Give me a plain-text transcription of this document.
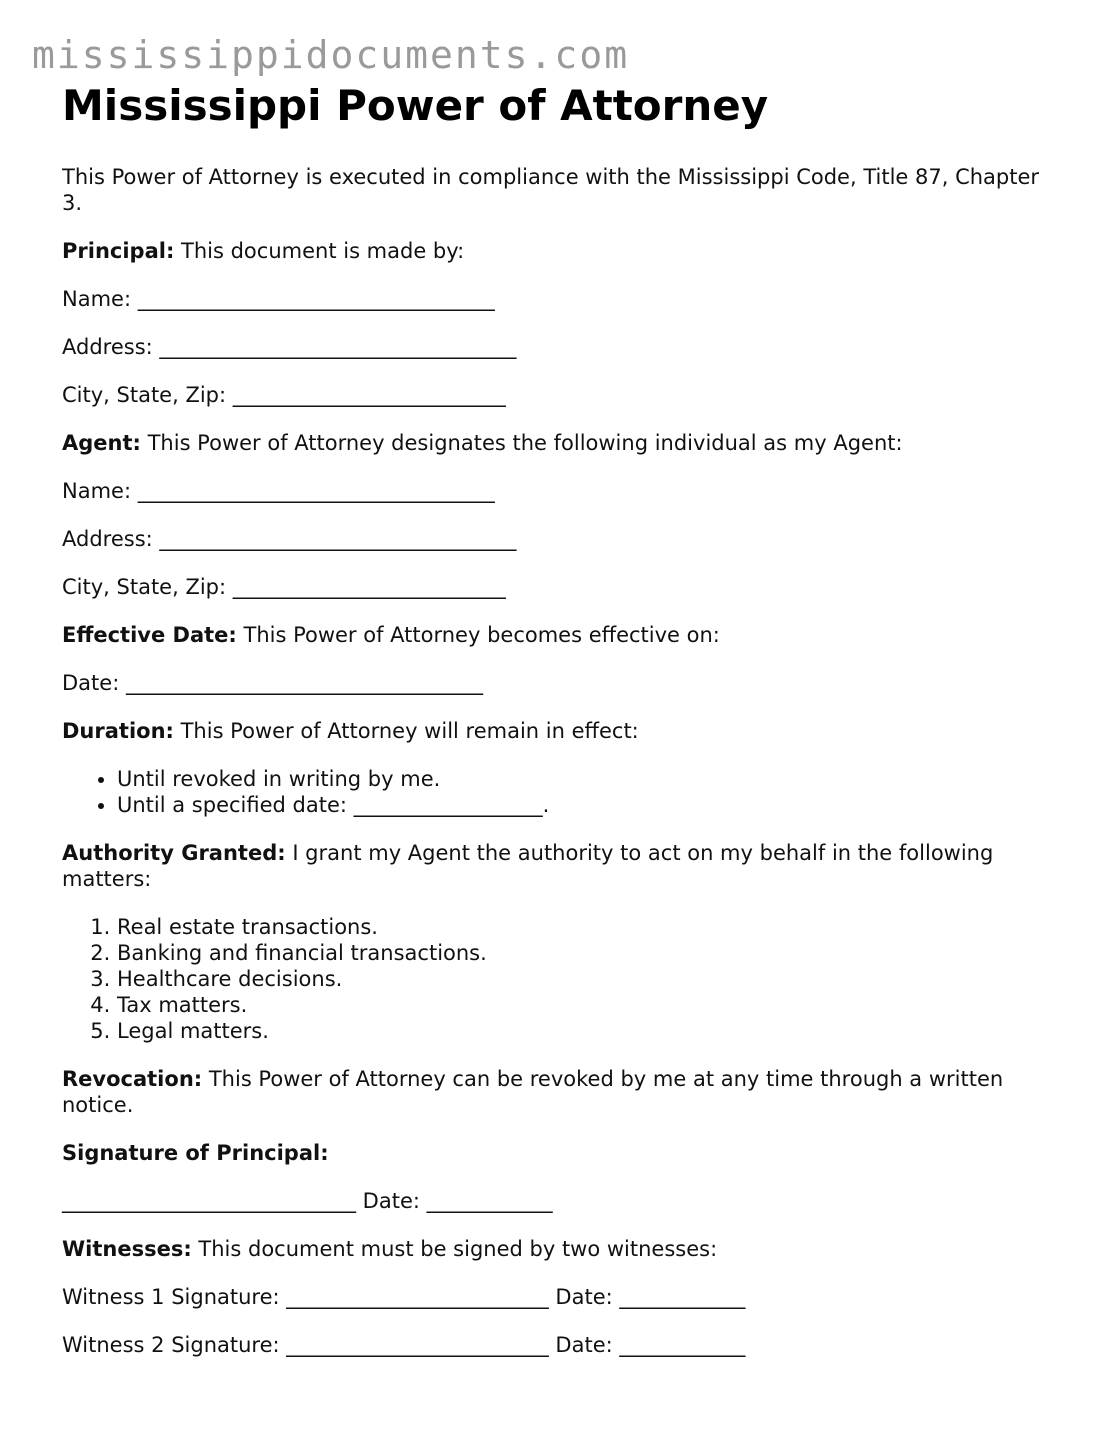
mississippidocuments.com
Mississippi Power of Attorney

This Power of Attorney is executed in compliance with the Mississippi Code, Title 87, Chapter 3.

Principal: This document is made by:

Name: __________________________________

Address: __________________________________

City, State, Zip: __________________________

Agent: This Power of Attorney designates the following individual as my Agent:

Name: __________________________________

Address: __________________________________

City, State, Zip: __________________________

Effective Date: This Power of Attorney becomes effective on:

Date: __________________________________

Duration: This Power of Attorney will remain in effect:

• Until revoked in writing by me.
• Until a specified date: __________________.

Authority Granted: I grant my Agent the authority to act on my behalf in the following matters:

1. Real estate transactions.
2. Banking and financial transactions.
3. Healthcare decisions.
4. Tax matters.
5. Legal matters.

Revocation: This Power of Attorney can be revoked by me at any time through a written notice.

Signature of Principal:

____________________________ Date: ____________

Witnesses: This document must be signed by two witnesses:

Witness 1 Signature: _________________________ Date: ____________

Witness 2 Signature: _________________________ Date: ____________
